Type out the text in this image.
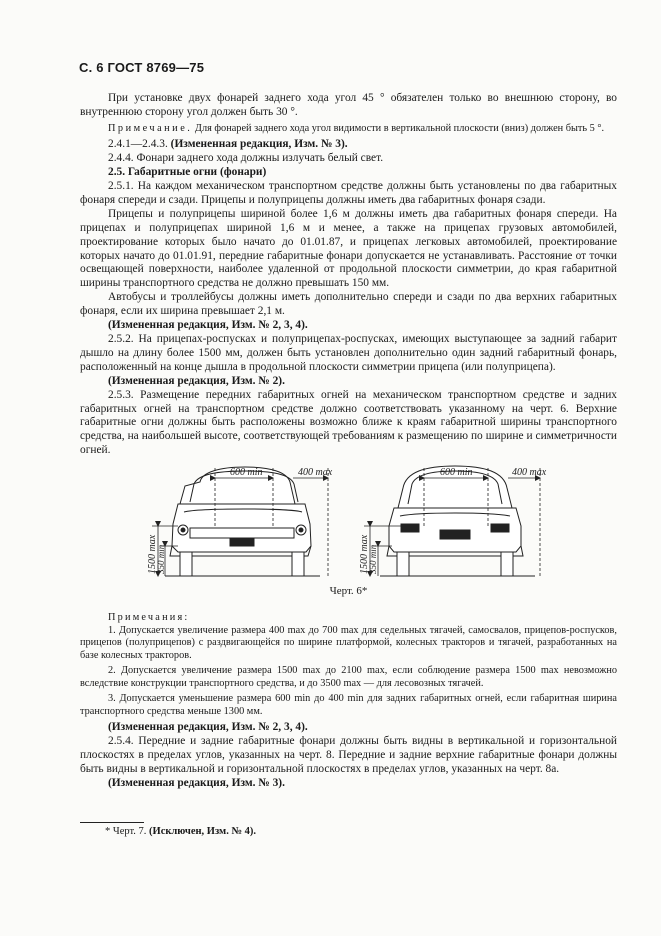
С. 6 ГОСТ 8769—75

При установке двух фонарей заднего хода угол 45 ° обязателен только во внешнюю сторону, во внутреннюю сторону угол должен быть 30 °.

Примечание. Для фонарей заднего хода угол видимости в вертикальной плоскости (вниз) должен быть 5 °.

2.4.1—2.4.3. (Измененная редакция, Изм. № 3).

2.4.4. Фонари заднего хода должны излучать белый свет.

2.5. Габаритные огни (фонари)

2.5.1. На каждом механическом транспортном средстве должны быть установлены по два габаритных фонаря спереди и сзади. Прицепы и полуприцепы должны иметь два габаритных фонаря сзади.

Прицепы и полуприцепы шириной более 1,6 м должны иметь два габаритных фонаря спереди. На прицепах и полуприцепах шириной 1,6 м и менее, а также на прицепах грузовых автомобилей, проектирование которых было начато до 01.01.87, и прицепах легковых автомобилей, проектирование которых начато до 01.01.91, передние габаритные фонари допускается не устанавливать. Расстояние от точки освещающей поверхности, наиболее удаленной от продольной плоскости симметрии, до края габаритной ширины транспортного средства не должно превышать 150 мм.

Автобусы и троллейбусы должны иметь дополнительно спереди и сзади по два верхних габаритных фонаря, если их ширина превышает 2,1 м.

(Измененная редакция, Изм. № 2, 3, 4).

2.5.2. На прицепах-роспусках и полуприцепах-роспусках, имеющих выступающее за задний габарит дышло на длину более 1500 мм, должен быть установлен дополнительно один задний габаритный фонарь, расположенный на конце дышла в продольной плоскости симметрии прицепа (или полуприцепа).

(Измененная редакция, Изм. № 2).

2.5.3. Размещение передних габаритных огней на механическом транспортном средстве и задних габаритных огней на транспортном средстве должно соответствовать указанному на черт. 6. Верхние габаритные огни должны быть расположены возможно ближе к краям габаритной ширины транспортного средства, на наибольшей высоте, соответствующей требованиям к размещению по ширине и симметричности огней.

600 min	400 max
1500 max
350 min
600 min	400 max
1500 max
350 min

Черт. 6*

Примечания:

1. Допускается увеличение размера 400 max до 700 max для седельных тягачей, самосвалов, прицепов-роспусков, прицепов (полуприцепов) с раздвигающейся по ширине платформой, колесных тракторов и тягачей, разработанных на базе колесных тракторов.

2. Допускается увеличение размера 1500 max до 2100 max, если соблюдение размера 1500 max невозможно вследствие конструкции транспортного средства, и до 3500 max — для лесовозных тягачей.

3. Допускается уменьшение размера 600 min до 400 min для задних габаритных огней, если габаритная ширина транспортного средства меньше 1300 мм.

(Измененная редакция, Изм. № 2, 3, 4).

2.5.4. Передние и задние габаритные фонари должны быть видны в вертикальной и горизонтальной плоскостях в пределах углов, указанных на черт. 8. Передние и задние верхние габаритные фонари должны быть видны в вертикальной и горизонтальной плоскостях в пределах углов, указанных на черт. 8а.

(Измененная редакция, Изм. № 3).

* Черт. 7. (Исключен, Изм. № 4).
